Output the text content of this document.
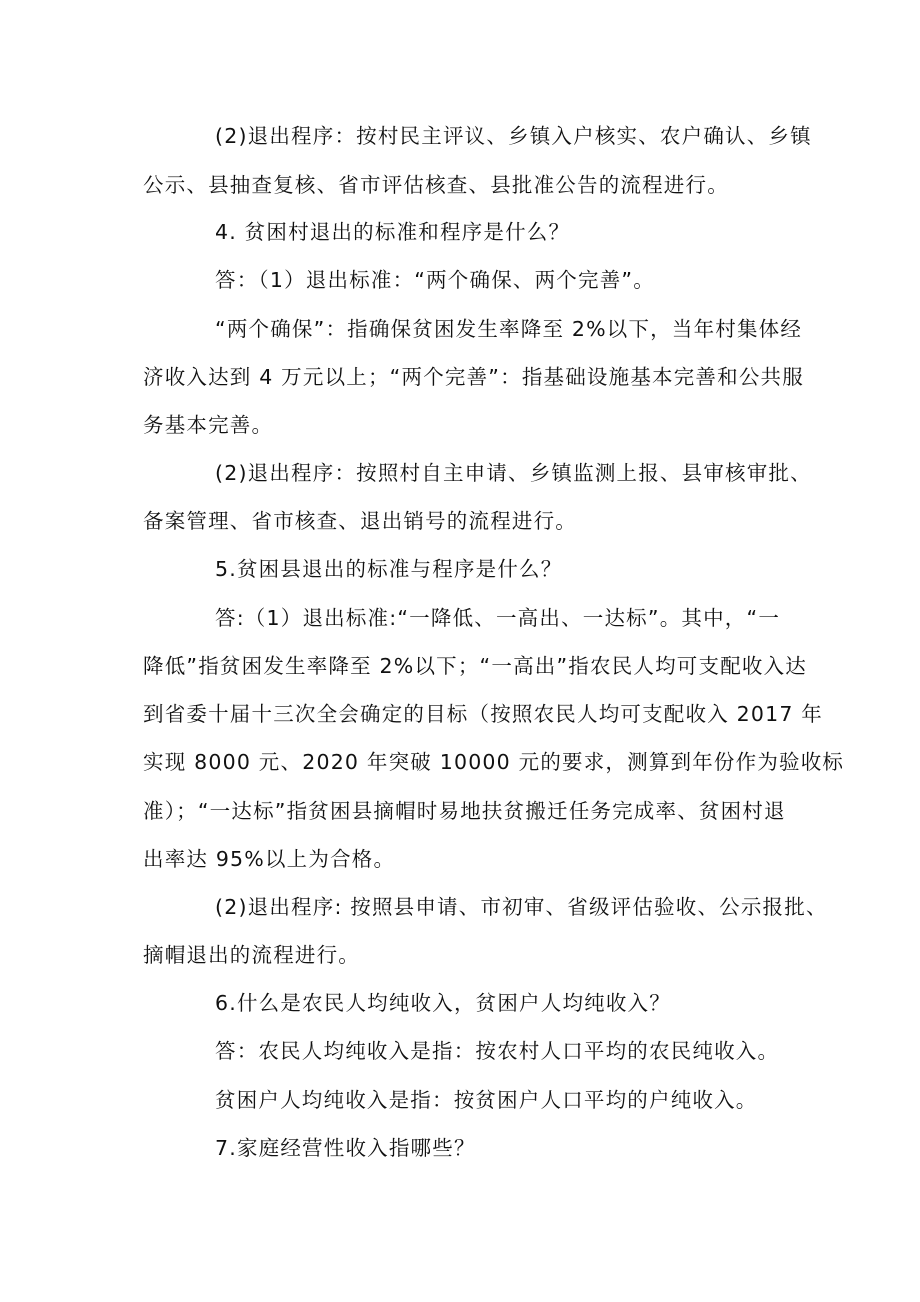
(2)退出程序：按村民主评议、乡镇入户核实、农户确认、乡镇
公示、县抽查复核、省市评估核查、县批准公告的流程进行。
4. 贫困村退出的标准和程序是什么？
答：（1）退出标准：“两个确保、两个完善”。
“两个确保”：指确保贫困发生率降至 2%以下，当年村集体经
济收入达到 4 万元以上；“两个完善”：指基础设施基本完善和公共服
务基本完善。
(2)退出程序：按照村自主申请、乡镇监测上报、县审核审批、
备案管理、省市核查、退出销号的流程进行。
5.贫困县退出的标准与程序是什么？
答:（1）退出标准:“一降低、一高出、一达标”。其中，“一
降低”指贫困发生率降至 2%以下；“一高出”指农民人均可支配收入达
到省委十届十三次全会确定的目标（按照农民人均可支配收入 2017 年
实现 8000 元、2020 年突破 10000 元的要求，测算到年份作为验收标
准）；“一达标”指贫困县摘帽时易地扶贫搬迁任务完成率、贫困村退
出率达 95%以上为合格。
(2)退出程序: 按照县申请、市初审、省级评估验收、公示报批、
摘帽退出的流程进行。
6.什么是农民人均纯收入，贫困户人均纯收入？
答：农民人均纯收入是指：按农村人口平均的农民纯收入。
贫困户人均纯收入是指：按贫困户人口平均的户纯收入。
7.家庭经营性收入指哪些？
